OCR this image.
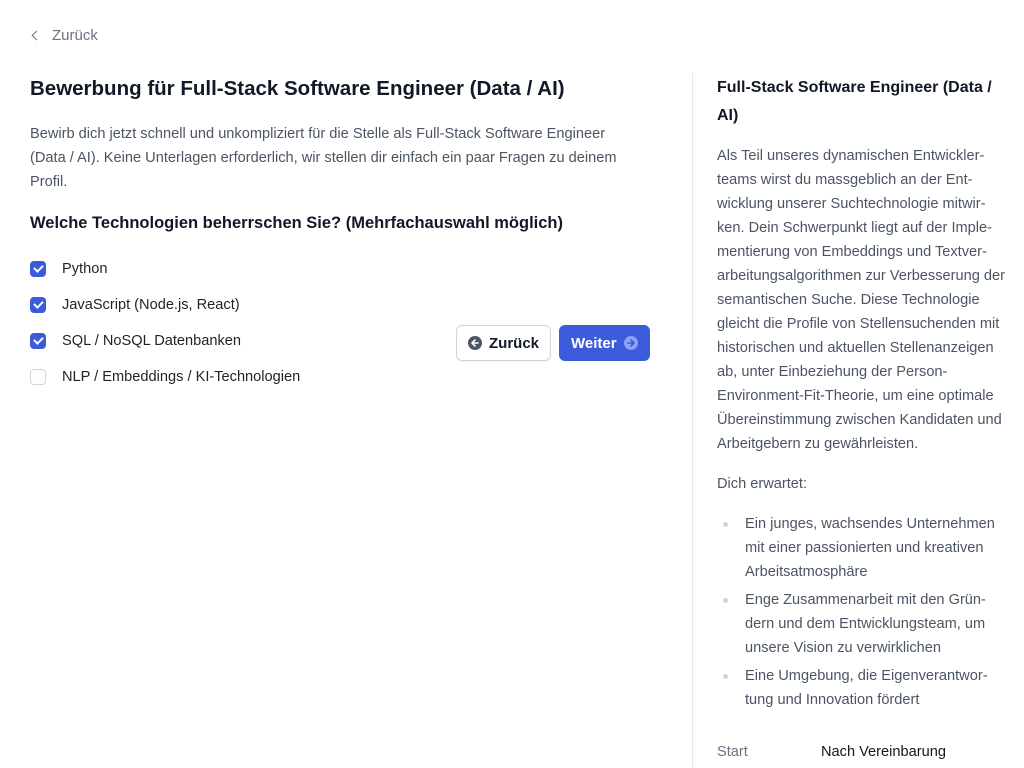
Zurück
Bewerbung für Full-Stack Software Engineer (Data / AI)

Bewirb dich jetzt schnell und unkompliziert für die Stelle als Full-Stack Software Engineer (Data / AI). Keine Unterlagen erforderlich, wir stellen dir einfach ein paar Fragen zu deinem Profil.

Welche Technologien beherrschen Sie? (Mehrfachauswahl möglich)
Python
JavaScript (Node.js, React)
SQL / NoSQL Datenbanken
NLP / Embeddings / KI-Technologien
Zurück Weiter
Full-Stack Software Engineer (Data / AI)

Als Teil unseres dynamischen Entwicklerteams wirst du massgeblich an der Entwicklung unserer Suchtechnologie mitwirken. Dein Schwerpunkt liegt auf der Implementierung von Embeddings und Textverarbeitungsalgorithmen zur Verbesserung der semantischen Suche. Diese Technologie gleicht die Profile von Stellensuchenden mit historischen und aktuellen Stellenanzeigen ab, unter Einbeziehung der Person-Environment-Fit-Theorie, um eine optimale Übereinstimmung zwischen Kandidaten und Arbeitgebern zu gewährleisten.

Dich erwartet:

Ein junges, wachsendes Unternehmen mit einer passionierten und kreativen Arbeitsatmosphäre
Enge Zusammenarbeit mit den Gründern und dem Entwicklungsteam, um unsere Vision zu verwirklichen
Eine Umgebung, die Eigenverantwortung und Innovation fördert
Start	Nach Vereinbarung
